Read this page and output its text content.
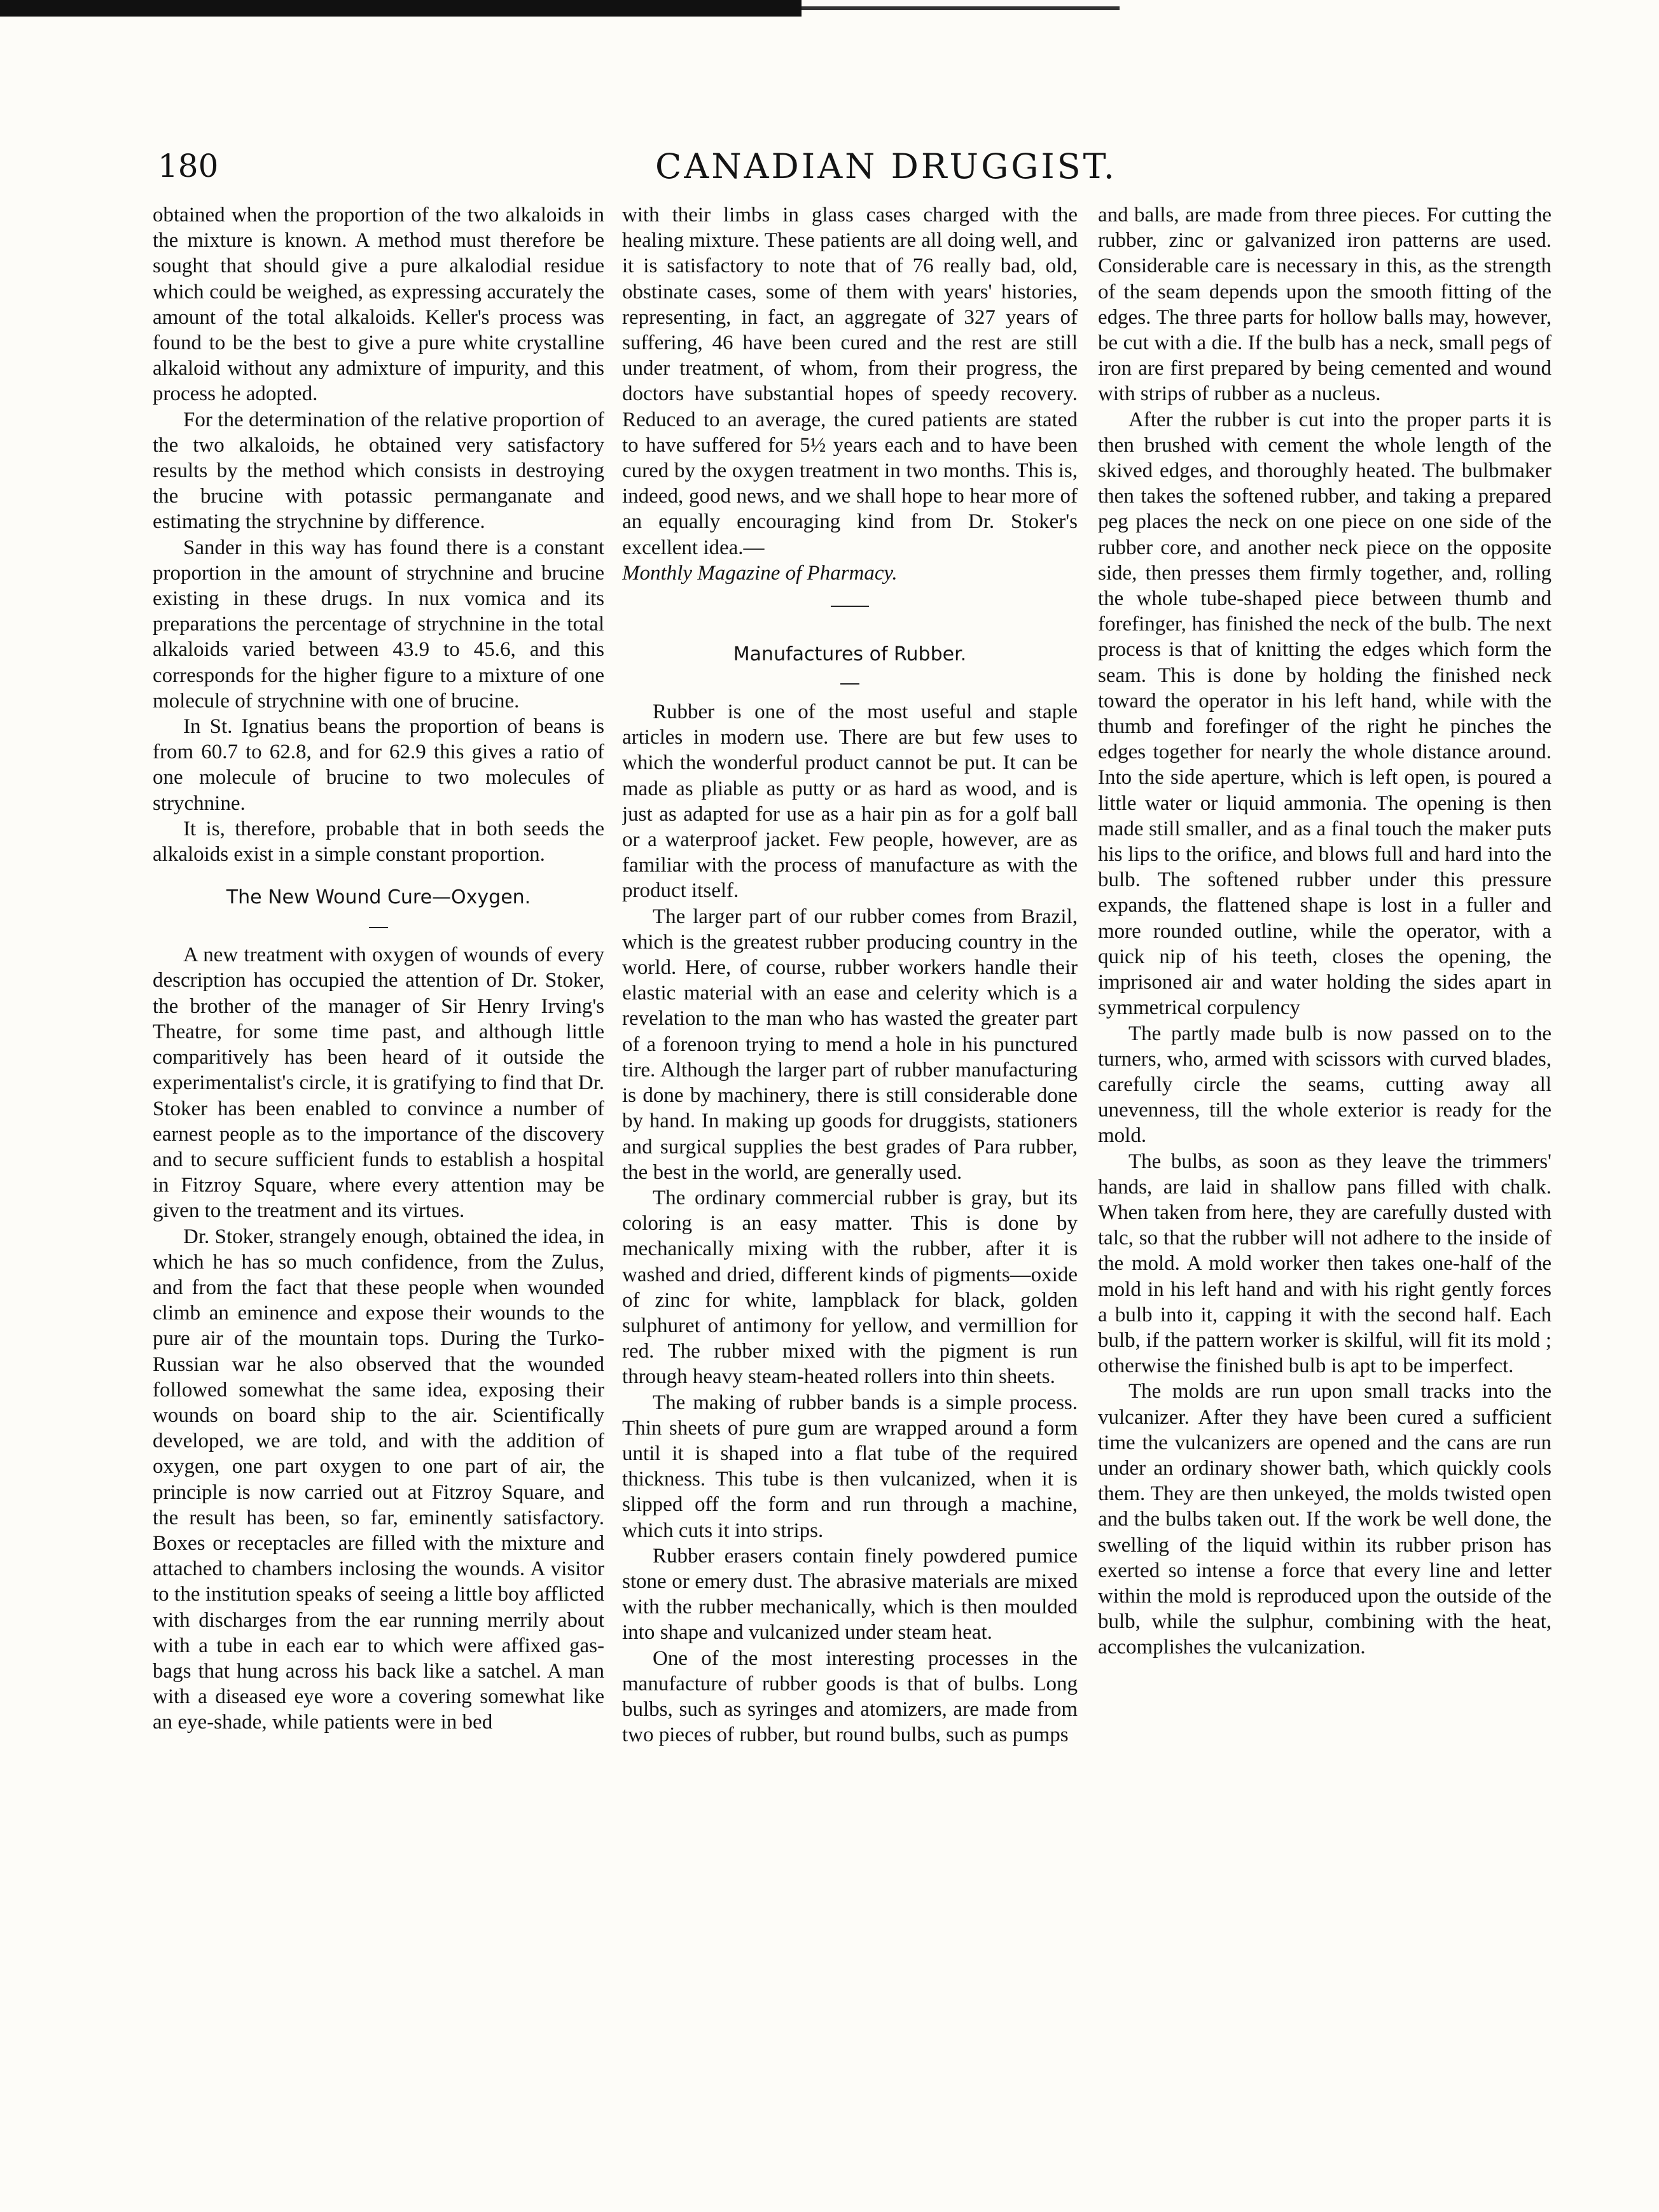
180	CANADIAN DRUGGIST.

obtained when the proportion of the two alkaloids in the mixture is known. A method must therefore be sought that should give a pure alkalodial residue which could be weighed, as expressing accurately the amount of the total alkaloids. Keller's process was found to be the best to give a pure white crystalline alkaloid without any admixture of impurity, and this process he adopted.

For the determination of the relative proportion of the two alkaloids, he obtained very satisfactory results by the method which consists in destroying the brucine with potassic permanganate and estimating the strychnine by difference.

Sander in this way has found there is a constant proportion in the amount of strychnine and brucine existing in these drugs. In nux vomica and its preparations the percentage of strychnine in the total alkaloids varied between 43.9 to 45.6, and this corresponds for the higher figure to a mixture of one molecule of strychnine with one of brucine.

In St. Ignatius beans the proportion of beans is from 60.7 to 62.8, and for 62.9 this gives a ratio of one molecule of brucine to two molecules of strychnine.

It is, therefore, probable that in both seeds the alkaloids exist in a simple constant proportion.

The New Wound Cure—Oxygen.

A new treatment with oxygen of wounds of every description has occupied the attention of Dr. Stoker, the brother of the manager of Sir Henry Irving's Theatre, for some time past, and although little comparitively has been heard of it outside the experimentalist's circle, it is gratifying to find that Dr. Stoker has been enabled to convince a number of earnest people as to the importance of the discovery and to secure sufficient funds to establish a hospital in Fitzroy Square, where every attention may be given to the treatment and its virtues.

Dr. Stoker, strangely enough, obtained the idea, in which he has so much confidence, from the Zulus, and from the fact that these people when wounded climb an eminence and expose their wounds to the pure air of the mountain tops. During the Turko-Russian war he also observed that the wounded followed somewhat the same idea, exposing their wounds on board ship to the air. Scientifically developed, we are told, and with the addition of oxygen, one part oxygen to one part of air, the principle is now carried out at Fitzroy Square, and the result has been, so far, eminently satisfactory. Boxes or receptacles are filled with the mixture and attached to chambers inclosing the wounds. A visitor to the institution speaks of seeing a little boy afflicted with discharges from the ear running merrily about with a tube in each ear to which were affixed gas-bags that hung across his back like a satchel. A man with a diseased eye wore a covering somewhat like an eye-shade, while patients were in bed

with their limbs in glass cases charged with the healing mixture. These patients are all doing well, and it is satisfactory to note that of 76 really bad, old, obstinate cases, some of them with years' histories, representing, in fact, an aggregate of 327 years of suffering, 46 have been cured and the rest are still under treatment, of whom, from their progress, the doctors have substantial hopes of speedy recovery. Reduced to an average, the cured patients are stated to have suffered for 5½ years each and to have been cured by the oxygen treatment in two months. This is, indeed, good news, and we shall hope to hear more of an equally encouraging kind from Dr. Stoker's excellent idea.—
Monthly Magazine of Pharmacy.

Manufactures of Rubber.

Rubber is one of the most useful and staple articles in modern use. There are but few uses to which the wonderful product cannot be put. It can be made as pliable as putty or as hard as wood, and is just as adapted for use as a hair pin as for a golf ball or a waterproof jacket. Few people, however, are as familiar with the process of manufacture as with the product itself.

The larger part of our rubber comes from Brazil, which is the greatest rubber producing country in the world. Here, of course, rubber workers handle their elastic material with an ease and celerity which is a revelation to the man who has wasted the greater part of a forenoon trying to mend a hole in his punctured tire. Although the larger part of rubber manufacturing is done by machinery, there is still considerable done by hand. In making up goods for druggists, stationers and surgical supplies the best grades of Para rubber, the best in the world, are generally used.

The ordinary commercial rubber is gray, but its coloring is an easy matter. This is done by mechanically mixing with the rubber, after it is washed and dried, different kinds of pigments—oxide of zinc for white, lampblack for black, golden sulphuret of antimony for yellow, and vermillion for red. The rubber mixed with the pigment is run through heavy steam-heated rollers into thin sheets.

The making of rubber bands is a simple process. Thin sheets of pure gum are wrapped around a form until it is shaped into a flat tube of the required thickness. This tube is then vulcanized, when it is slipped off the form and run through a machine, which cuts it into strips.

Rubber erasers contain finely powdered pumice stone or emery dust. The abrasive materials are mixed with the rubber mechanically, which is then moulded into shape and vulcanized under steam heat.

One of the most interesting processes in the manufacture of rubber goods is that of bulbs. Long bulbs, such as syringes and atomizers, are made from two pieces of rubber, but round bulbs, such as pumps

and balls, are made from three pieces. For cutting the rubber, zinc or galvanized iron patterns are used. Considerable care is necessary in this, as the strength of the seam depends upon the smooth fitting of the edges. The three parts for hollow balls may, however, be cut with a die. If the bulb has a neck, small pegs of iron are first prepared by being cemented and wound with strips of rubber as a nucleus.

After the rubber is cut into the proper parts it is then brushed with cement the whole length of the skived edges, and thoroughly heated. The bulbmaker then takes the softened rubber, and taking a prepared peg places the neck on one piece on one side of the rubber core, and another neck piece on the opposite side, then presses them firmly together, and, rolling the whole tube-shaped piece between thumb and forefinger, has finished the neck of the bulb. The next process is that of knitting the edges which form the seam. This is done by holding the finished neck toward the operator in his left hand, while with the thumb and forefinger of the right he pinches the edges together for nearly the whole distance around. Into the side aperture, which is left open, is poured a little water or liquid ammonia. The opening is then made still smaller, and as a final touch the maker puts his lips to the orifice, and blows full and hard into the bulb. The softened rubber under this pressure expands, the flattened shape is lost in a fuller and more rounded outline, while the operator, with a quick nip of his teeth, closes the opening, the imprisoned air and water holding the sides apart in symmetrical corpulency

The partly made bulb is now passed on to the turners, who, armed with scissors with curved blades, carefully circle the seams, cutting away all unevenness, till the whole exterior is ready for the mold.

The bulbs, as soon as they leave the trimmers' hands, are laid in shallow pans filled with chalk. When taken from here, they are carefully dusted with talc, so that the rubber will not adhere to the inside of the mold. A mold worker then takes one-half of the mold in his left hand and with his right gently forces a bulb into it, capping it with the second half. Each bulb, if the pattern worker is skilful, will fit its mold ; otherwise the finished bulb is apt to be imperfect.

The molds are run upon small tracks into the vulcanizer. After they have been cured a sufficient time the vulcanizers are opened and the cans are run under an ordinary shower bath, which quickly cools them. They are then unkeyed, the molds twisted open and the bulbs taken out. If the work be well done, the swelling of the liquid within its rubber prison has exerted so intense a force that every line and letter within the mold is reproduced upon the outside of the bulb, while the sulphur, combining with the heat, accomplishes the vulcanization.
